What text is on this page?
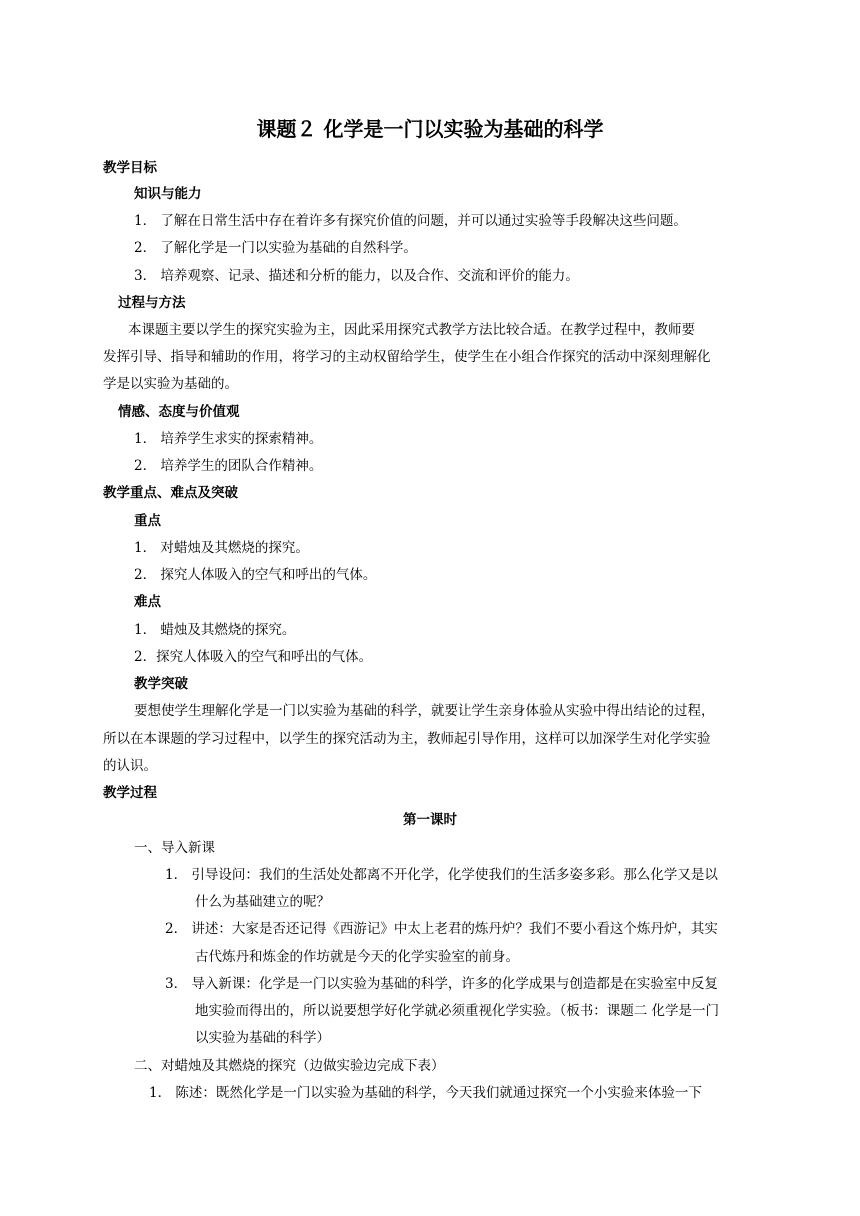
课题２ 化学是一门以实验为基础的科学
教学目标
知识与能力
1． 了解在日常生活中存在着许多有探究价值的问题，并可以通过实验等手段解决这些问题。
2． 了解化学是一门以实验为基础的自然科学。
3． 培养观察、记录、描述和分析的能力，以及合作、交流和评价的能力。
过程与方法
本课题主要以学生的探究实验为主，因此采用探究式教学方法比较合适。在教学过程中，教师要
发挥引导、指导和辅助的作用，将学习的主动权留给学生，使学生在小组合作探究的活动中深刻理解化
学是以实验为基础的。
情感、态度与价值观
1． 培养学生求实的探索精神。
2． 培养学生的团队合作精神。
教学重点、难点及突破
重点
1． 对蜡烛及其燃烧的探究。
2． 探究人体吸入的空气和呼出的气体。
难点
1． 蜡烛及其燃烧的探究。
2．探究人体吸入的空气和呼出的气体。
教学突破
要想使学生理解化学是一门以实验为基础的科学，就要让学生亲身体验从实验中得出结论的过程，
所以在本课题的学习过程中，以学生的探究活动为主，教师起引导作用，这样可以加深学生对化学实验
的认识。
教学过程
第一课时
一、导入新课
1． 引导设问：我们的生活处处都离不开化学，化学使我们的生活多姿多彩。那么化学又是以
什么为基础建立的呢？
2． 讲述：大家是否还记得《西游记》中太上老君的炼丹炉？我们不要小看这个炼丹炉，其实
古代炼丹和炼金的作坊就是今天的化学实验室的前身。
3． 导入新课：化学是一门以实验为基础的科学，许多的化学成果与创造都是在实验室中反复
地实验而得出的，所以说要想学好化学就必须重视化学实验。（板书：课题二 化学是一门
以实验为基础的科学）
二、对蜡烛及其燃烧的探究（边做实验边完成下表）
1． 陈述：既然化学是一门以实验为基础的科学，今天我们就通过探究一个小实验来体验一下
